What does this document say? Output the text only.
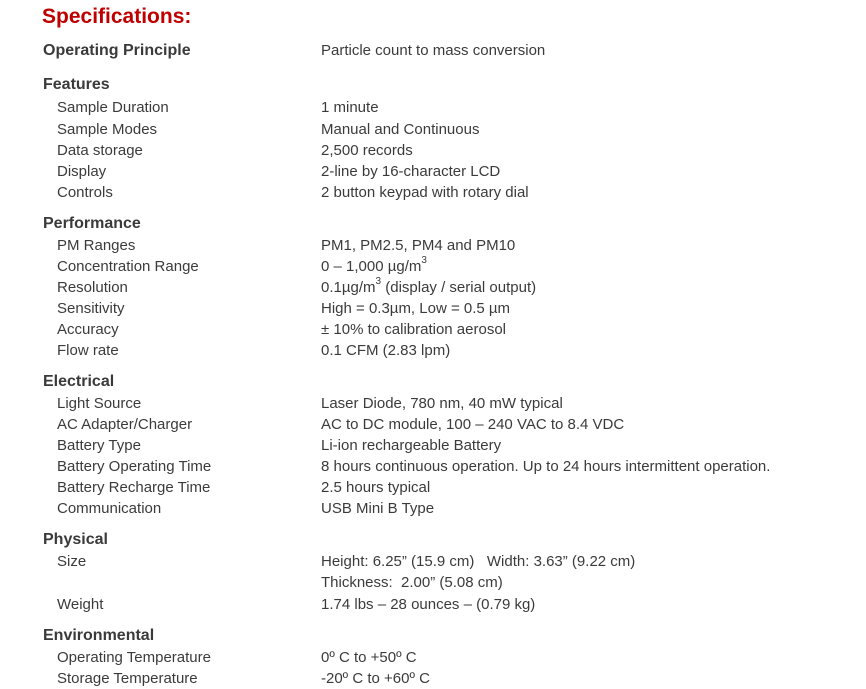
Specifications:
Operating Principle	Particle count to mass conversion
Features
Sample Duration	1 minute
Sample Modes	Manual and Continuous
Data storage	2,500 records
Display	2-line by 16-character LCD
Controls	2 button keypad with rotary dial
Performance
PM Ranges	PM1, PM2.5, PM4 and PM10
Concentration Range	0 – 1,000 $\mu g/m^3$
Resolution	$0.1\mu g/m^3$ (display / serial output)
Sensitivity	High = 0.3µm, Low = 0.5 µm
Accuracy	± 10% to calibration aerosol
Flow rate	0.1 CFM (2.83 lpm)
Electrical
Light Source	Laser Diode, 780 nm, 40 mW typical
AC Adapter/Charger	AC to DC module, 100 – 240 VAC to 8.4 VDC
Battery Type	Li-ion rechargeable Battery
Battery Operating Time	8 hours continuous operation. Up to 24 hours intermittent operation.
Battery Recharge Time	2.5 hours typical
Communication	USB Mini B Type
Physical
Size	Height: 6.25” (15.9 cm)   Width: 3.63” (9.22 cm)
Thickness:  2.00” (5.08 cm)
Weight	1.74 lbs – 28 ounces – (0.79 kg)
Environmental
Operating Temperature	0º C to +50º C
Storage Temperature	-20º C to +60º C
